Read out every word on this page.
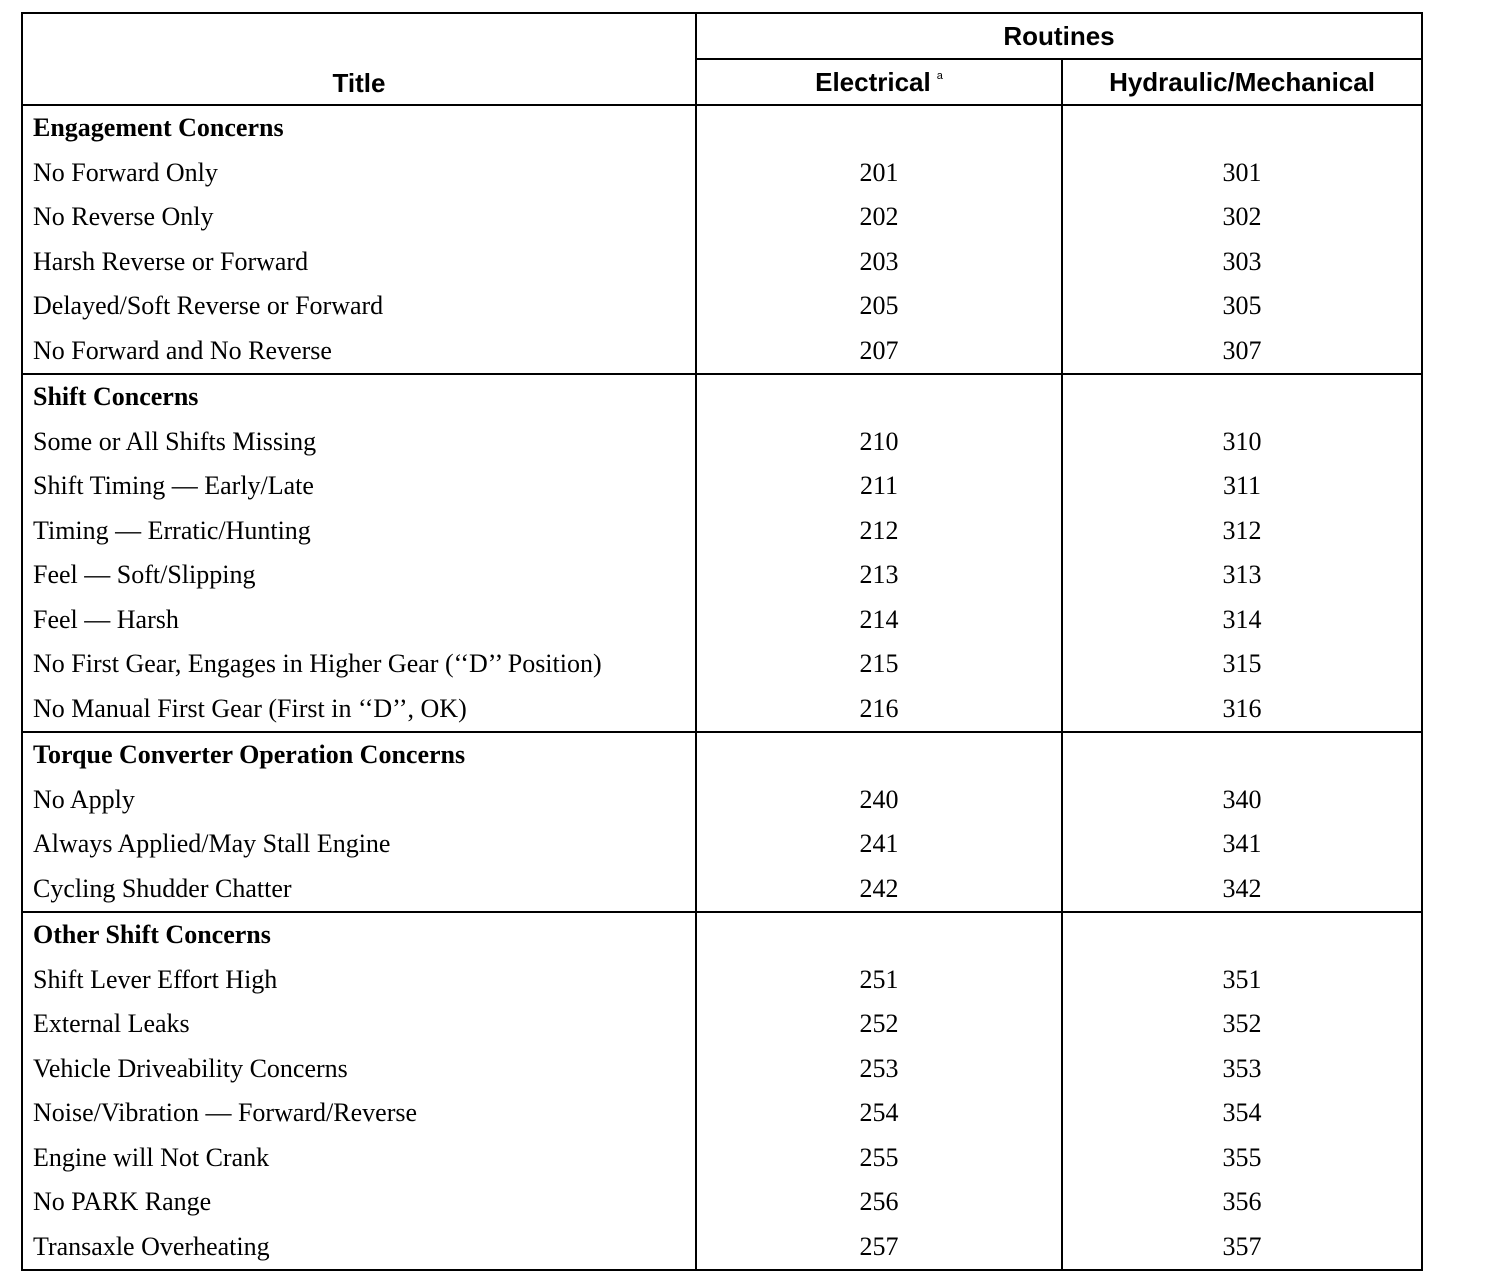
Title	Routines	
	Electrical $^a$	Hydraulic/Mechanical
Engagement Concerns		
No Forward Only	201	301
No Reverse Only	202	302
Harsh Reverse or Forward	203	303
Delayed/Soft Reverse or Forward	205	305
No Forward and No Reverse	207	307
Shift Concerns		
Some or All Shifts Missing	210	310
Shift Timing — Early/Late	211	311
Timing — Erratic/Hunting	212	312
Feel — Soft/Slipping	213	313
Feel — Harsh	214	314
No First Gear, Engages in Higher Gear (‘‘D’’ Position)	215	315
No Manual First Gear (First in ‘‘D’’, OK)	216	316
Torque Converter Operation Concerns		
No Apply	240	340
Always Applied/May Stall Engine	241	341
Cycling Shudder Chatter	242	342
Other Shift Concerns		
Shift Lever Effort High	251	351
External Leaks	252	352
Vehicle Driveability Concerns	253	353
Noise/Vibration — Forward/Reverse	254	354
Engine will Not Crank	255	355
No PARK Range	256	356
Transaxle Overheating	257	357
